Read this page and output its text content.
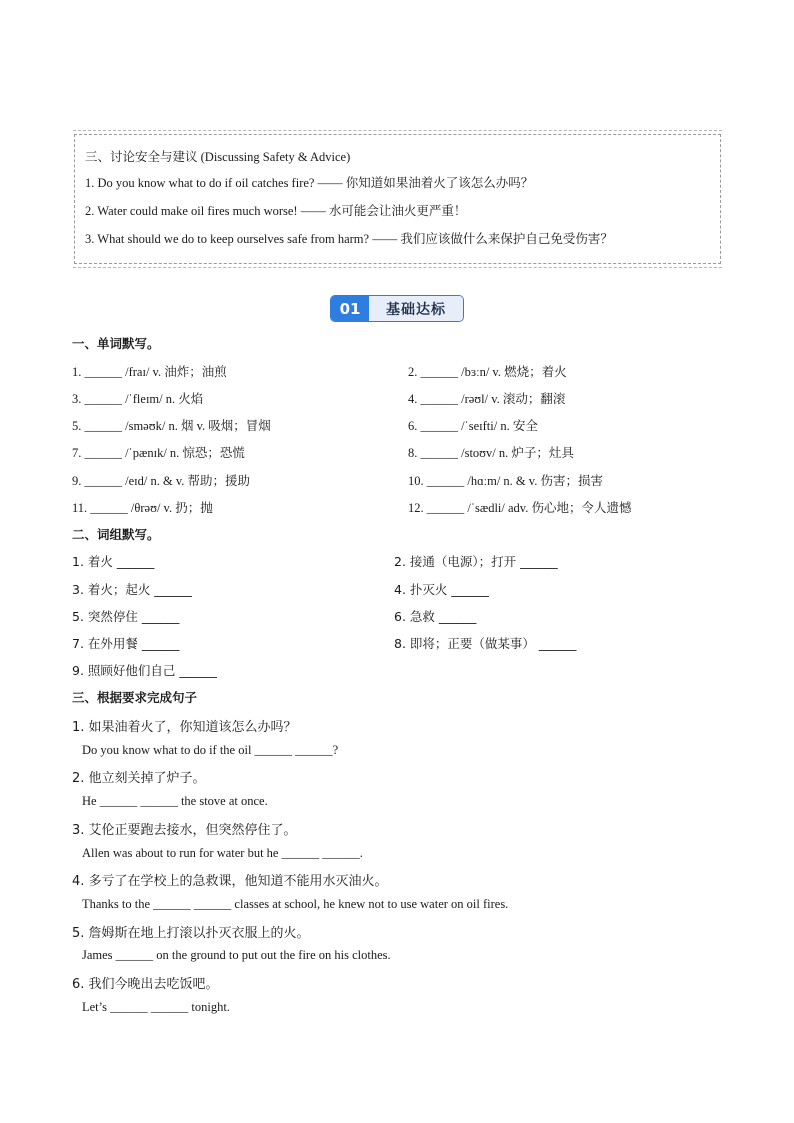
三、讨论安全与建议 (Discussing Safety & Advice)
1. Do you know what to do if oil catches fire? —— 你知道如果油着火了该怎么办吗？
2. Water could make oil fires much worse! —— 水可能会让油火更严重！
3. What should we do to keep ourselves safe from harm? —— 我们应该做什么来保护自己免受伤害？
01	基础达标
一、单词默写。
1. ______ /fraɪ/ v. 油炸；油煎
3. ______ /ˈfleɪm/ n. 火焰
5. ______ /sməʊk/ n. 烟 v. 吸烟；冒烟
7. ______ /ˈpænɪk/ n. 惊恐；恐慌
9. ______ /eɪd/ n. & v. 帮助；援助
11. ______ /θrəʊ/ v. 扔；抛
2. ______ /bɜːn/ v. 燃烧；着火
4. ______ /rəʊl/ v. 滚动；翻滚
6. ______ /ˈseɪfti/ n. 安全
8. ______ /stoʊv/ n. 炉子；灶具
10. ______ /hɑːm/ n. & v. 伤害；损害
12. ______ /ˈsædli/ adv. 伤心地；令人遗憾
二、词组默写。
1. 着火 ______
3. 着火；起火 ______
5. 突然停住 ______
7. 在外用餐 ______
9. 照顾好他们自己 ______
2. 接通（电源）；打开 ______
4. 扑灭火 ______
6. 急救 ______
8. 即将；正要（做某事） ______
三、根据要求完成句子
1. 如果油着火了，你知道该怎么办吗？
Do you know what to do if the oil ______ ______?
2. 他立刻关掉了炉子。
He ______ ______ the stove at once.
3. 艾伦正要跑去接水，但突然停住了。
Allen was about to run for water but he ______ ______.
4. 多亏了在学校上的急救课，他知道不能用水灭油火。
Thanks to the ______ ______ classes at school, he knew not to use water on oil fires.
5. 詹姆斯在地上打滚以扑灭衣服上的火。
James ______ on the ground to put out the fire on his clothes.
6. 我们今晚出去吃饭吧。
Let’s ______ ______ tonight.
